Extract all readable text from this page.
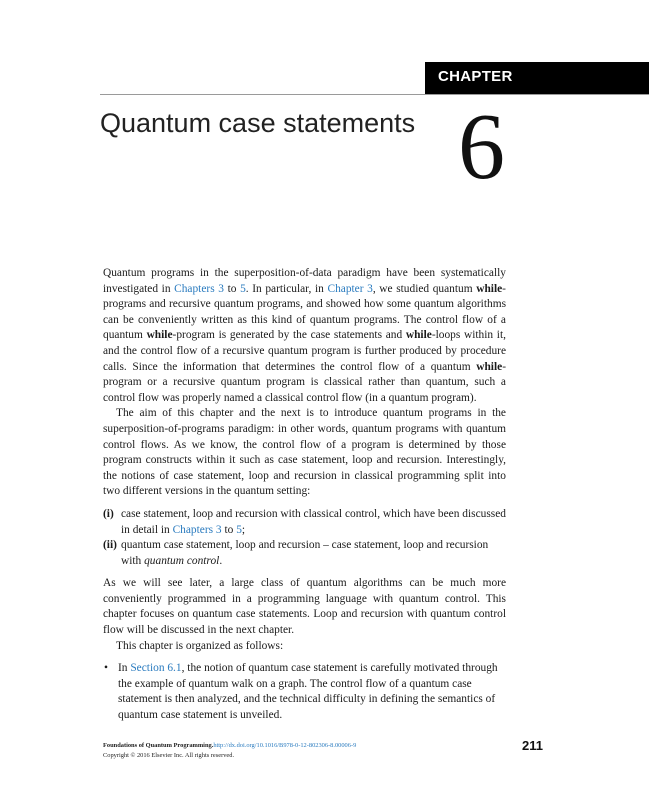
CHAPTER
Quantum case statements 6

Quantum programs in the superposition-of-data paradigm have been systematically investigated in Chapters 3 to 5. In particular, in Chapter 3, we studied quantum while-programs and recursive quantum programs, and showed how some quantum algorithms can be conveniently written as this kind of quantum programs. The control flow of a quantum while-program is generated by the case statements and while-loops within it, and the control flow of a recursive quantum program is further produced by procedure calls. Since the information that determines the control flow of a quantum while-program or a recursive quantum program is classical rather than quantum, such a control flow was properly named a classical control flow (in a quantum program).

The aim of this chapter and the next is to introduce quantum programs in the superposition-of-programs paradigm: in other words, quantum programs with quantum control flows. As we know, the control flow of a program is determined by those program constructs within it such as case statement, loop and recursion. Interestingly, the notions of case statement, loop and recursion in classical programming split into two different versions in the quantum setting:

(i) case statement, loop and recursion with classical control, which have been discussed in detail in Chapters 3 to 5;
(ii) quantum case statement, loop and recursion – case statement, loop and recursion with quantum control.

As we will see later, a large class of quantum algorithms can be much more conveniently programmed in a programming language with quantum control. This chapter focuses on quantum case statements. Loop and recursion with quantum control flow will be discussed in the next chapter.

This chapter is organized as follows:

• In Section 6.1, the notion of quantum case statement is carefully motivated through the example of quantum walk on a graph. The control flow of a quantum case statement is then analyzed, and the technical difficulty in defining the semantics of quantum case statement is unveiled.
Foundations of Quantum Programming.http://dx.doi.org/10.1016/B978-0-12-802306-8.00006-9
Copyright © 2016 Elsevier Inc. All rights reserved.
211
